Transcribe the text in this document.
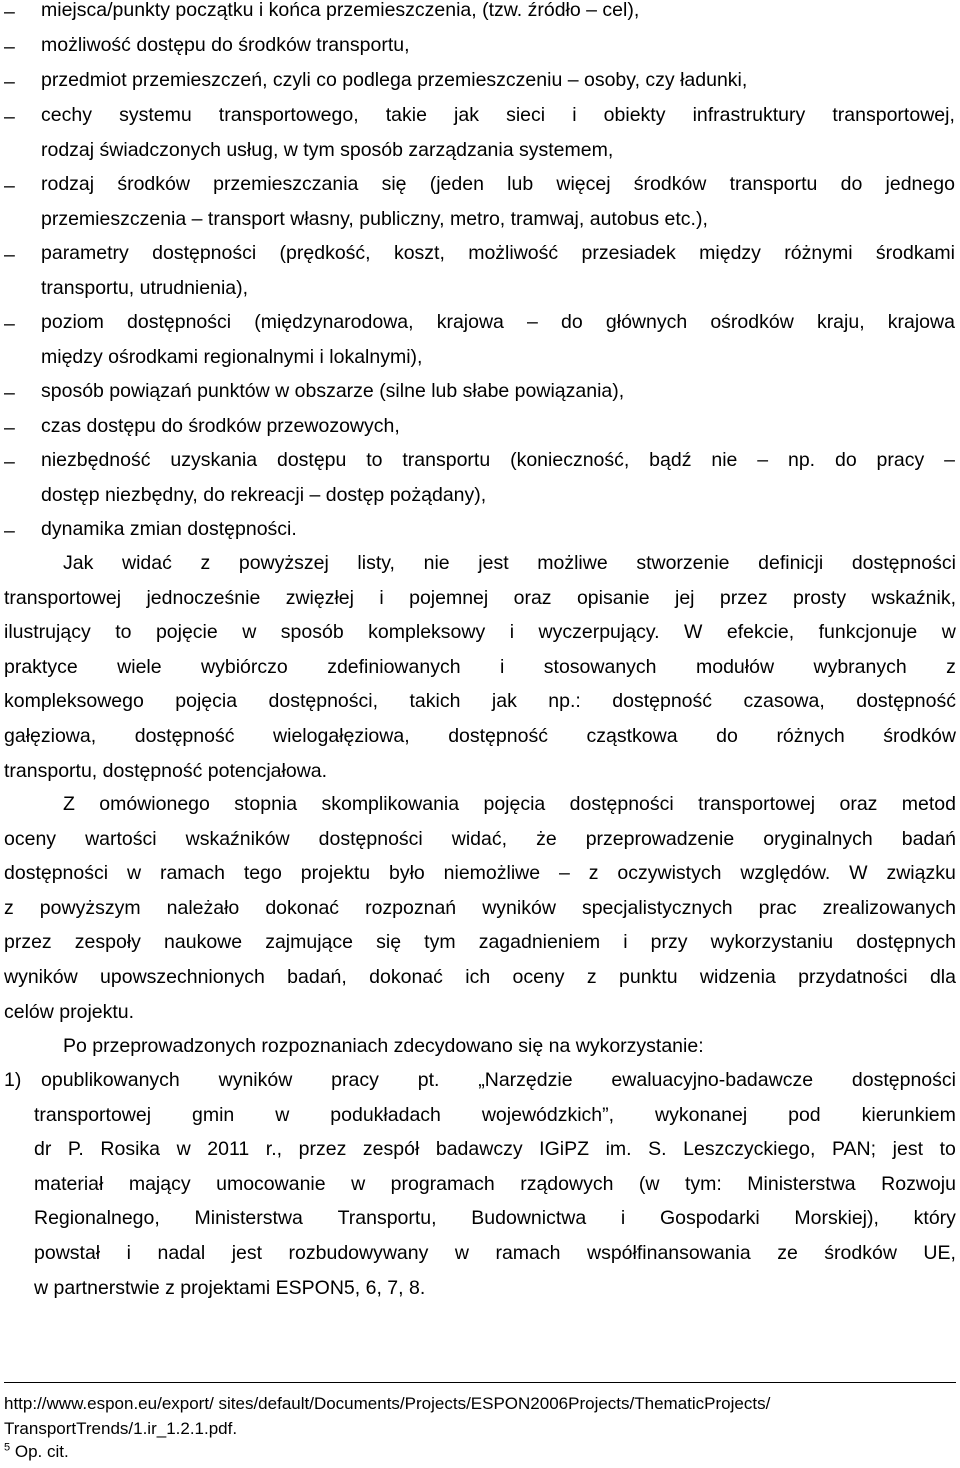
–	miejsca/punkty początku i końca przemieszczenia, (tzw. źródło – cel),
–	możliwość dostępu do środków transportu,
–	przedmiot przemieszczeń, czyli co podlega przemieszczeniu – osoby, czy ładunki,
–	cechy systemu transportowego, takie jak sieci i obiekty infrastruktury transportowej,
rodzaj świadczonych usług, w tym sposób zarządzania systemem,
–	rodzaj środków przemieszczania się (jeden lub więcej środków transportu do jednego
przemieszczenia – transport własny, publiczny, metro, tramwaj, autobus etc.),
–	parametry dostępności (prędkość, koszt, możliwość przesiadek między różnymi środkami
transportu, utrudnienia),
–	poziom dostępności (międzynarodowa, krajowa – do głównych ośrodków kraju, krajowa
między ośrodkami regionalnymi i lokalnymi),
–	sposób powiązań punktów w obszarze (silne lub słabe powiązania),
–	czas dostępu do środków przewozowych,
–	niezbędność uzyskania dostępu to transportu (konieczność, bądź nie – np. do pracy –
dostęp niezbędny, do rekreacji – dostęp pożądany),
–	dynamika zmian dostępności.
Jak widać z powyższej listy, nie jest możliwe stworzenie definicji dostępności
transportowej jednocześnie zwięzłej i pojemnej oraz opisanie jej przez prosty wskaźnik,
ilustrujący to pojęcie w sposób kompleksowy i wyczerpujący. W efekcie, funkcjonuje w
praktyce wiele wybiórczo zdefiniowanych i stosowanych modułów wybranych z
kompleksowego pojęcia dostępności, takich jak np.: dostępność czasowa, dostępność
gałęziowa, dostępność wielogałęziowa, dostępność cząstkowa do różnych środków
transportu, dostępność potencjałowa.
Z omówionego stopnia skomplikowania pojęcia dostępności transportowej oraz metod
oceny wartości wskaźników dostępności widać, że przeprowadzenie oryginalnych badań
dostępności w ramach tego projektu było niemożliwe – z oczywistych względów. W związku
z powyższym należało dokonać rozpoznań wyników specjalistycznych prac zrealizowanych
przez zespoły naukowe zajmujące się tym zagadnieniem i przy wykorzystaniu dostępnych
wyników upowszechnionych badań, dokonać ich oceny z punktu widzenia przydatności dla
celów projektu.
Po przeprowadzonych rozpoznaniach zdecydowano się na wykorzystanie:
1) opublikowanych wyników pracy pt. „Narzędzie ewaluacyjno-badawcze dostępności
transportowej gmin w podukładach wojewódzkich”, wykonanej pod kierunkiem
dr P. Rosika w 2011 r., przez zespół badawczy IGiPZ im. S. Leszczyckiego, PAN; jest to
materiał mający umocowanie w programach rządowych (w tym: Ministerstwa Rozwoju
Regionalnego, Ministerstwa Transportu, Budownictwa i Gospodarki Morskiej), który
powstał i nadal jest rozbudowywany w ramach współfinansowania ze środków UE,
w partnerstwie z projektami ESPON5, 6, 7, 8.
http://www.espon.eu/export/ sites/default/Documents/Projects/ESPON2006Projects/ThematicProjects/
TransportTrends/1.ir_1.2.1.pdf.
$^5$ Op. cit.
